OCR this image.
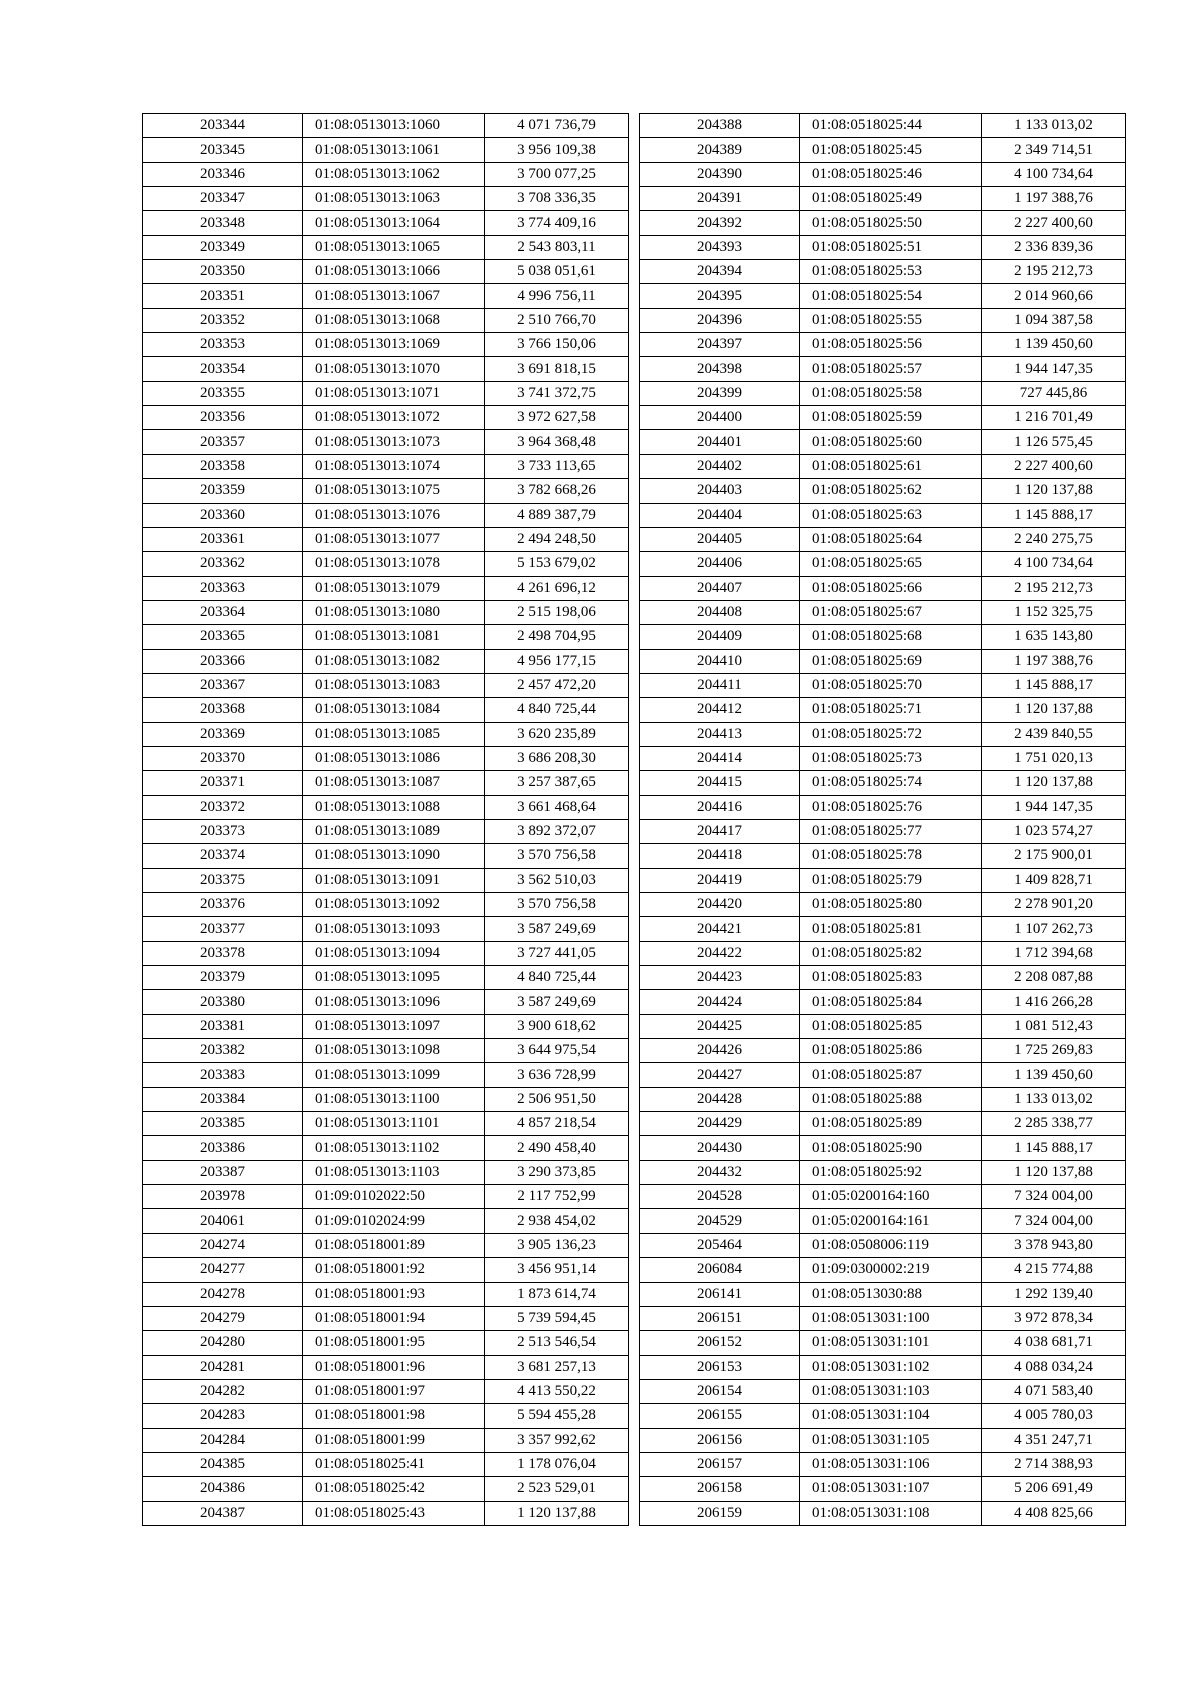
203344	01:08:0513013:1060	4 071 736,79
203345	01:08:0513013:1061	3 956 109,38
203346	01:08:0513013:1062	3 700 077,25
203347	01:08:0513013:1063	3 708 336,35
203348	01:08:0513013:1064	3 774 409,16
203349	01:08:0513013:1065	2 543 803,11
203350	01:08:0513013:1066	5 038 051,61
203351	01:08:0513013:1067	4 996 756,11
203352	01:08:0513013:1068	2 510 766,70
203353	01:08:0513013:1069	3 766 150,06
203354	01:08:0513013:1070	3 691 818,15
203355	01:08:0513013:1071	3 741 372,75
203356	01:08:0513013:1072	3 972 627,58
203357	01:08:0513013:1073	3 964 368,48
203358	01:08:0513013:1074	3 733 113,65
203359	01:08:0513013:1075	3 782 668,26
203360	01:08:0513013:1076	4 889 387,79
203361	01:08:0513013:1077	2 494 248,50
203362	01:08:0513013:1078	5 153 679,02
203363	01:08:0513013:1079	4 261 696,12
203364	01:08:0513013:1080	2 515 198,06
203365	01:08:0513013:1081	2 498 704,95
203366	01:08:0513013:1082	4 956 177,15
203367	01:08:0513013:1083	2 457 472,20
203368	01:08:0513013:1084	4 840 725,44
203369	01:08:0513013:1085	3 620 235,89
203370	01:08:0513013:1086	3 686 208,30
203371	01:08:0513013:1087	3 257 387,65
203372	01:08:0513013:1088	3 661 468,64
203373	01:08:0513013:1089	3 892 372,07
203374	01:08:0513013:1090	3 570 756,58
203375	01:08:0513013:1091	3 562 510,03
203376	01:08:0513013:1092	3 570 756,58
203377	01:08:0513013:1093	3 587 249,69
203378	01:08:0513013:1094	3 727 441,05
203379	01:08:0513013:1095	4 840 725,44
203380	01:08:0513013:1096	3 587 249,69
203381	01:08:0513013:1097	3 900 618,62
203382	01:08:0513013:1098	3 644 975,54
203383	01:08:0513013:1099	3 636 728,99
203384	01:08:0513013:1100	2 506 951,50
203385	01:08:0513013:1101	4 857 218,54
203386	01:08:0513013:1102	2 490 458,40
203387	01:08:0513013:1103	3 290 373,85
203978	01:09:0102022:50	2 117 752,99
204061	01:09:0102024:99	2 938 454,02
204274	01:08:0518001:89	3 905 136,23
204277	01:08:0518001:92	3 456 951,14
204278	01:08:0518001:93	1 873 614,74
204279	01:08:0518001:94	5 739 594,45
204280	01:08:0518001:95	2 513 546,54
204281	01:08:0518001:96	3 681 257,13
204282	01:08:0518001:97	4 413 550,22
204283	01:08:0518001:98	5 594 455,28
204284	01:08:0518001:99	3 357 992,62
204385	01:08:0518025:41	1 178 076,04
204386	01:08:0518025:42	2 523 529,01
204387	01:08:0518025:43	1 120 137,88
204388	01:08:0518025:44	1 133 013,02
204389	01:08:0518025:45	2 349 714,51
204390	01:08:0518025:46	4 100 734,64
204391	01:08:0518025:49	1 197 388,76
204392	01:08:0518025:50	2 227 400,60
204393	01:08:0518025:51	2 336 839,36
204394	01:08:0518025:53	2 195 212,73
204395	01:08:0518025:54	2 014 960,66
204396	01:08:0518025:55	1 094 387,58
204397	01:08:0518025:56	1 139 450,60
204398	01:08:0518025:57	1 944 147,35
204399	01:08:0518025:58	727 445,86
204400	01:08:0518025:59	1 216 701,49
204401	01:08:0518025:60	1 126 575,45
204402	01:08:0518025:61	2 227 400,60
204403	01:08:0518025:62	1 120 137,88
204404	01:08:0518025:63	1 145 888,17
204405	01:08:0518025:64	2 240 275,75
204406	01:08:0518025:65	4 100 734,64
204407	01:08:0518025:66	2 195 212,73
204408	01:08:0518025:67	1 152 325,75
204409	01:08:0518025:68	1 635 143,80
204410	01:08:0518025:69	1 197 388,76
204411	01:08:0518025:70	1 145 888,17
204412	01:08:0518025:71	1 120 137,88
204413	01:08:0518025:72	2 439 840,55
204414	01:08:0518025:73	1 751 020,13
204415	01:08:0518025:74	1 120 137,88
204416	01:08:0518025:76	1 944 147,35
204417	01:08:0518025:77	1 023 574,27
204418	01:08:0518025:78	2 175 900,01
204419	01:08:0518025:79	1 409 828,71
204420	01:08:0518025:80	2 278 901,20
204421	01:08:0518025:81	1 107 262,73
204422	01:08:0518025:82	1 712 394,68
204423	01:08:0518025:83	2 208 087,88
204424	01:08:0518025:84	1 416 266,28
204425	01:08:0518025:85	1 081 512,43
204426	01:08:0518025:86	1 725 269,83
204427	01:08:0518025:87	1 139 450,60
204428	01:08:0518025:88	1 133 013,02
204429	01:08:0518025:89	2 285 338,77
204430	01:08:0518025:90	1 145 888,17
204432	01:08:0518025:92	1 120 137,88
204528	01:05:0200164:160	7 324 004,00
204529	01:05:0200164:161	7 324 004,00
205464	01:08:0508006:119	3 378 943,80
206084	01:09:0300002:219	4 215 774,88
206141	01:08:0513030:88	1 292 139,40
206151	01:08:0513031:100	3 972 878,34
206152	01:08:0513031:101	4 038 681,71
206153	01:08:0513031:102	4 088 034,24
206154	01:08:0513031:103	4 071 583,40
206155	01:08:0513031:104	4 005 780,03
206156	01:08:0513031:105	4 351 247,71
206157	01:08:0513031:106	2 714 388,93
206158	01:08:0513031:107	5 206 691,49
206159	01:08:0513031:108	4 408 825,66
